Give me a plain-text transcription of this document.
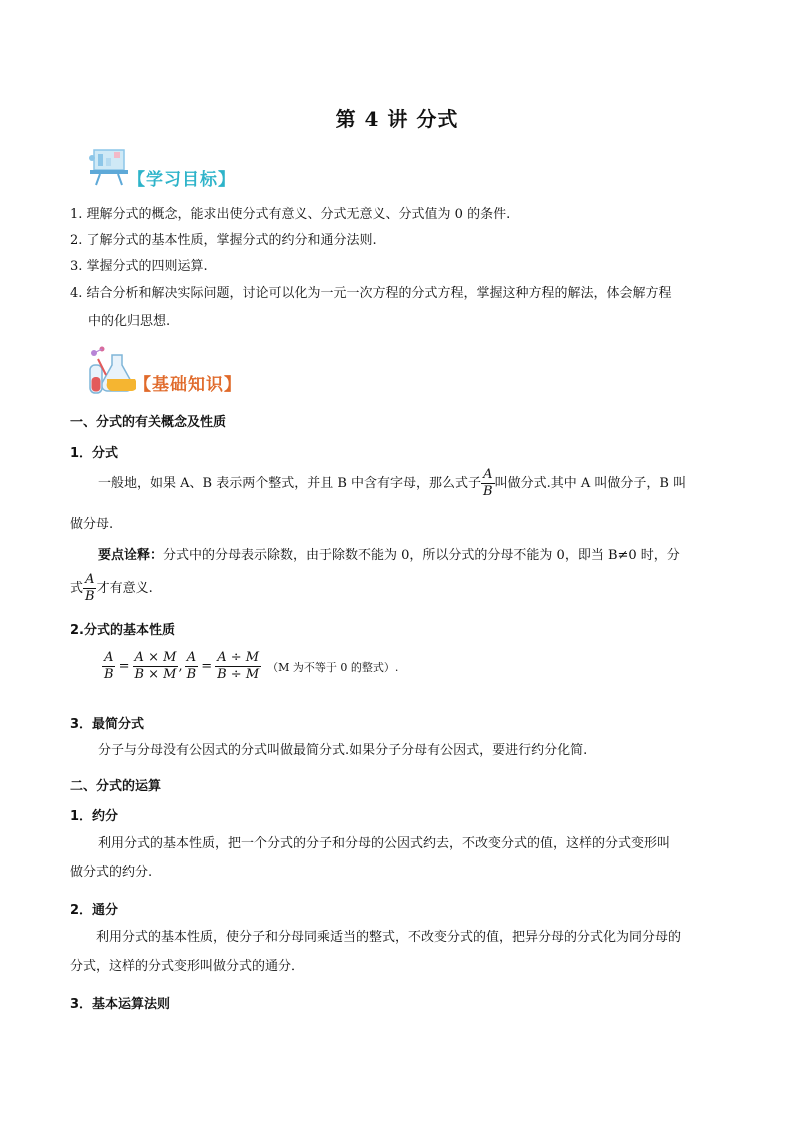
第 4 讲 分式
【学习目标】
1. 理解分式的概念，能求出使分式有意义、分式无意义、分式值为 0 的条件.
2. 了解分式的基本性质，掌握分式的约分和通分法则.
3. 掌握分式的四则运算.
4. 结合分析和解决实际问题，讨论可以化为一元一次方程的分式方程，掌握这种方程的解法，体会解方程
中的化归思想.
【基础知识】
一、分式的有关概念及性质
1．分式
一般地，如果 A、B 表示两个整式，并且 B 中含有字母，那么式子 $\frac{A}{B}$ 叫做分式.其中 A 叫做分子，B 叫
做分母.
要点诠释：分式中的分母表示除数，由于除数不能为 0，所以分式的分母不能为 0，即当 B≠0 时，分
式 $\frac{A}{B}$ 才有意义.
2.分式的基本性质
$\frac{A}{B} = \frac{A \times M}{B \times M}$ , $\frac{A}{B} = \frac{A \div M}{B \div M} (M$ 为不等于 0 的整式）.
3．最简分式
分子与分母没有公因式的分式叫做最简分式.如果分子分母有公因式，要进行约分化简.
二、分式的运算
1．约分
利用分式的基本性质，把一个分式的分子和分母的公因式约去，不改变分式的值，这样的分式变形叫
做分式的约分.
2．通分
利用分式的基本性质，使分子和分母同乘适当的整式，不改变分式的值，把异分母的分式化为同分母的
分式，这样的分式变形叫做分式的通分．
3．基本运算法则
